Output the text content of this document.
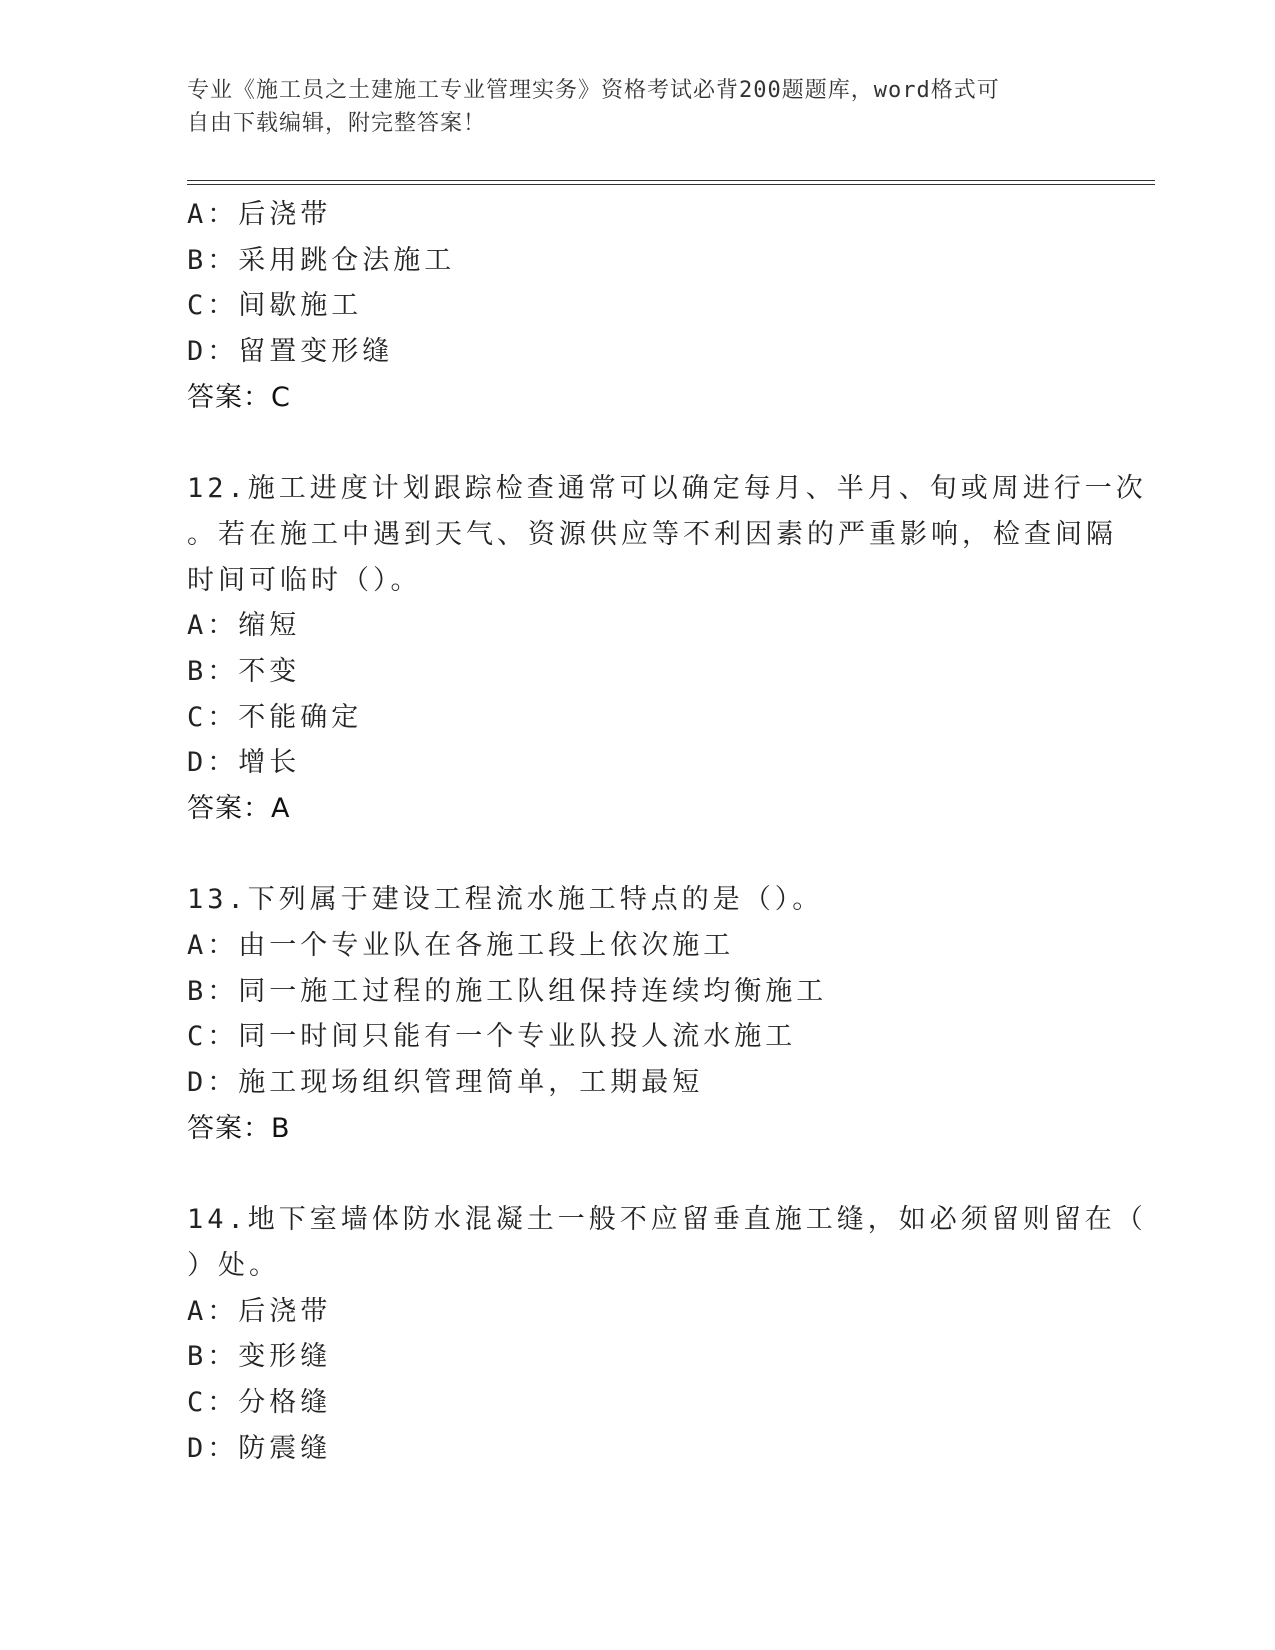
专业《施工员之土建施工专业管理实务》资格考试必背200题题库，word格式可
自由下载编辑，附完整答案！
A：后浇带
B：采用跳仓法施工
C：间歇施工
D：留置变形缝
答案：C
12.施工进度计划跟踪检查通常可以确定每月、半月、旬或周进行一次
。若在施工中遇到天气、资源供应等不利因素的严重影响，检查间隔
时间可临时（）。
A：缩短
B：不变
C：不能确定
D：增长
答案：A
13.下列属于建设工程流水施工特点的是（）。
A：由一个专业队在各施工段上依次施工
B：同一施工过程的施工队组保持连续均衡施工
C：同一时间只能有一个专业队投人流水施工
D：施工现场组织管理简单，工期最短
答案：B
14.地下室墙体防水混凝土一般不应留垂直施工缝，如必须留则留在（
）处。
A：后浇带
B：变形缝
C：分格缝
D：防震缝
